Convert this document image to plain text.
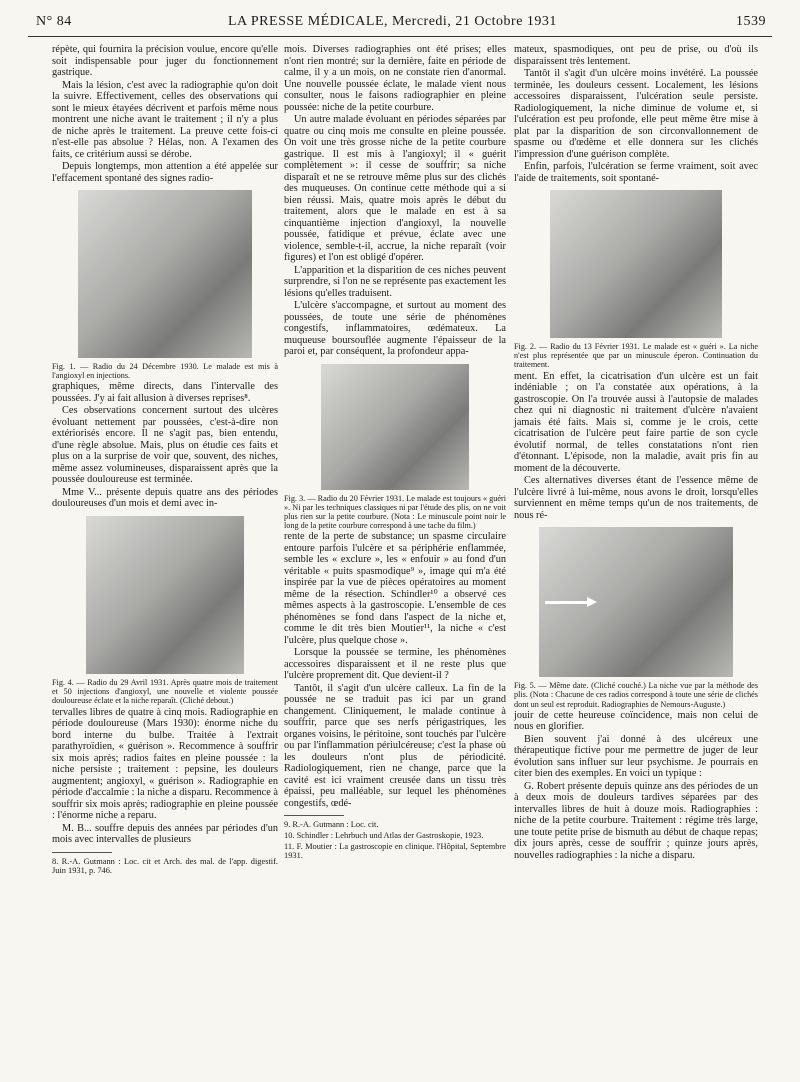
N° 84	LA PRESSE MÉDICALE, Mercredi, 21 Octobre 1931	1539

répète, qui fournira la précision voulue, encore qu'elle soit indispensable pour juger du fonctionnement gastrique.

Mais la lésion, c'est avec la radiographie qu'on doit la suivre. Effectivement, celles des observations qui sont le mieux étayées décrivent et parfois même nous montrent une niche avant le traitement ; il n'y a plus de niche après le traitement. La preuve cette fois-ci n'est-elle pas absolue ? Hélas, non. A l'examen des faits, ce critérium aussi se dérobe.

Depuis longtemps, mon attention a été appelée sur l'effacement spontané des signes radio-

Fig. 1. — Radio du 24 Décembre 1930. Le malade est mis à l'angioxyl en injections.

graphiques, même directs, dans l'intervalle des poussées. J'y ai fait allusion à diverses reprises⁸.

Ces observations concernent surtout des ulcères évoluant nettement par poussées, c'est-à-dire non extériorisés encore. Il ne s'agit pas, bien entendu, d'une règle absolue. Mais, plus on étudie ces faits et plus on a la surprise de voir que, souvent, des niches, même assez volumineuses, disparaissent après que la poussée douloureuse est terminée.

Mme V... présente depuis quatre ans des périodes douloureuses d'un mois et demi avec in-

Fig. 4. — Radio du 29 Avril 1931. Après quatre mois de traitement et 50 injections d'angioxyl, une nouvelle et violente poussée douloureuse éclate et la niche reparaît. (Cliché debout.)

tervalles libres de quatre à cinq mois. Radiographie en période douloureuse (Mars 1930): énorme niche du bord interne du bulbe. Traitée à l'extrait parathyroïdien, « guérison ». Recommence à souffrir six mois après; radios faites en pleine poussée : la niche persiste ; traitement : pepsine, les douleurs augmentent; angioxyl, « guérison ». Radiographie en période d'accalmie : la niche a disparu. Recommence à souffrir six mois après; radiographie en pleine poussée : l'énorme niche a reparu.

M. B... souffre depuis des années par périodes d'un mois avec intervalles de plusieurs

8. R.-A. Gutmann : Loc. cit et Arch. des mal. de l'app. digestif. Juin 1931, p. 746.

mois. Diverses radiographies ont été prises; elles n'ont rien montré; sur la dernière, faite en période de calme, il y a un mois, on ne constate rien d'anormal. Une nouvelle poussée éclate, le malade vient nous consulter, nous le faisons radiographier en pleine poussée: niche de la petite courbure.

Un autre malade évoluant en périodes séparées par quatre ou cinq mois me consulte en pleine poussée. On voit une très grosse niche de la petite courbure gastrique. Il est mis à l'angioxyl; il « guérit complètement »: il cesse de souffrir; sa niche disparaît et ne se retrouve même plus sur des clichés des muqueuses. On continue cette méthode qui a si bien réussi. Mais, quatre mois après le début du traitement, alors que le malade en est à sa cinquantième injection d'angioxyl, la nouvelle poussée, fatidique et prévue, éclate avec une violence, semble-t-il, accrue, la niche reparaît (voir figures) et l'on est obligé d'opérer.

L'apparition et la disparition de ces niches peuvent surprendre, si l'on ne se représente pas exactement les lésions qu'elles traduisent.

L'ulcère s'accompagne, et surtout au moment des poussées, de toute une série de phénomènes congestifs, inflammatoires, œdémateux. La muqueuse boursouflée augmente l'épaisseur de la paroi et, par conséquent, la profondeur appa-

Fig. 3. — Radio du 20 Février 1931. Le malade est toujours « guéri ». Ni par les techniques classiques ni par l'étude des plis, on ne voit plus rien sur la petite courbure. (Nota : Le minuscule point noir le long de la petite courbure correspond à une tache du film.)

rente de la perte de substance; un spasme circulaire entoure parfois l'ulcère et sa périphérie enflammée, semble les « exclure », les « enfouir » au fond d'un véritable « puits spasmodique⁹ », image qui m'a été inspirée par la vue de pièces opératoires au moment même de la résection. Schindler¹⁰ a observé ces mêmes aspects à la gastroscopie. L'ensemble de ces phénomènes se fond dans l'aspect de la niche et, comme le dit très bien Moutier¹¹, la niche « c'est l'ulcère, plus quelque chose ».

Lorsque la poussée se termine, les phénomènes accessoires disparaissent et il ne reste plus que l'ulcère proprement dit. Que devient-il ?

Tantôt, il s'agit d'un ulcère calleux. La fin de la poussée ne se traduit pas ici par un grand changement. Cliniquement, le malade continue à souffrir, parce que ses nerfs périgastriques, les organes voisins, le péritoine, sont touchés par l'ulcère ou par l'inflammation périulcéreuse; c'est la phase où les douleurs n'ont plus de périodicité. Radiologiquement, rien ne change, parce que la cavité est ici vraiment creusée dans un tissu très épaissi, peu malléable, sur lequel les phénomènes congestifs, œdé-

9. R.-A. Gutmann : Loc. cit.

10. Schindler : Lehrbuch und Atlas der Gastroskopie, 1923.

11. F. Moutier : La gastroscopie en clinique. l'Hôpital, Septembre 1931.

mateux, spasmodiques, ont peu de prise, ou d'où ils disparaissent très lentement.

Tantôt il s'agit d'un ulcère moins invétéré. La poussée terminée, les douleurs cessent. Localement, les lésions accessoires disparaissent, l'ulcération seule persiste. Radiologiquement, la niche diminue de volume et, si l'ulcération est peu profonde, elle peut même être mise à plat par la disparition de son circonvallonnement de spasme ou d'œdème et elle donnera sur les clichés l'impression d'une guérison complète.

Enfin, parfois, l'ulcération se ferme vraiment, soit avec l'aide de traitements, soit spontané-

Fig. 2. — Radio du 13 Février 1931. Le malade est « guéri ». La niche n'est plus représentée que par un minuscule éperon. Continuation du traitement.

ment. En effet, la cicatrisation d'un ulcère est un fait indéniable ; on l'a constatée aux opérations, à la gastroscopie. On l'a trouvée aussi à l'autopsie de malades chez qui ni diagnostic ni traitement d'ulcère n'avaient jamais été faits. Mais si, comme je le crois, cette cicatrisation de l'ulcère peut faire partie de son cycle évolutif normal, de telles constatations n'ont rien d'étonnant. L'épisode, non la maladie, avait pris fin au moment de la découverte.

Ces alternatives diverses étant de l'essence même de l'ulcère livré à lui-même, nous avons le droit, lorsqu'elles surviennent en même temps qu'un de nos traitements, de nous ré-

Fig. 5. — Même date. (Cliché couché.) La niche vue par la méthode des plis. (Nota : Chacune de ces radios correspond à toute une série de clichés dont un seul est reproduit. Radiographies de Nemours-Auguste.)

jouir de cette heureuse coïncidence, mais non celui de nous en glorifier.

Bien souvent j'ai donné à des ulcéreux une thérapeutique fictive pour me permettre de juger de leur évolution sans influer sur leur psychisme. Je pourrais en citer bien des exemples. En voici un typique :

G. Robert présente depuis quinze ans des périodes de un à deux mois de douleurs tardives séparées par des intervalles libres de huit à douze mois. Radiographies : niche de la petite courbure. Traitement : régime très large, une toute petite prise de bismuth au début de chaque repas; dix jours après, cesse de souffrir ; quinze jours après, nouvelles radiographies : la niche a disparu.
